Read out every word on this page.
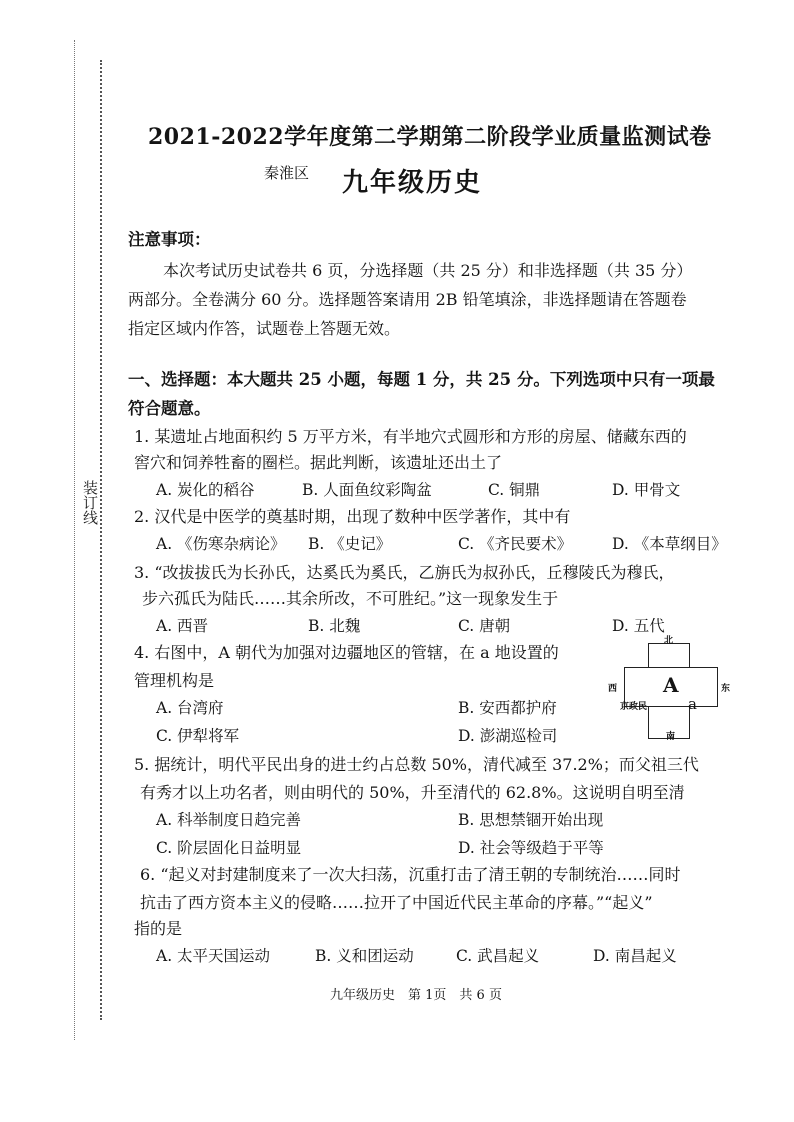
装订线
2021-2022学年度第二学期第二阶段学业质量监测试卷
秦淮区 九年级历史
注意事项：
本次考试历史试卷共 6 页，分选择题（共 25 分）和非选择题（共 35 分）
两部分。全卷满分 60 分。选择题答案请用 2B 铅笔填涂，非选择题请在答题卷
指定区域内作答，试题卷上答题无效。
一、选择题：本大题共 25 小题，每题 1 分，共 25 分。下列选项中只有一项最
符合题意。
1. 某遗址占地面积约 5 万平方米，有半地穴式圆形和方形的房屋、储藏东西的
窖穴和饲养牲畜的圈栏。据此判断，该遗址还出土了
A. 炭化的稻谷	B. 人面鱼纹彩陶盆	C. 铜鼎	D. 甲骨文
2. 汉代是中医学的奠基时期，出现了数种中医学著作，其中有
A. 《伤寒杂病论》 B. 《史记》	C. 《齐民要术》	D. 《本草纲目》
3. “改拔拔氏为长孙氏，达奚氏为奚氏，乙旃氏为叔孙氏，丘穆陵氏为穆氏，
步六孤氏为陆氏……其余所改，不可胜纪。”这一现象发生于
A. 西晋	B. 北魏	C. 唐朝	D. 五代
4. 右图中，A 朝代为加强对边疆地区的管辖，在 a 地设置的
管理机构是
A. 台湾府	B. 安西都护府
C. 伊犁将军	D. 澎湖巡检司
北
南
西	东
京政民
A
a
5. 据统计，明代平民出身的进士约占总数 50%，清代减至 37.2%；而父祖三代
有秀才以上功名者，则由明代的 50%，升至清代的 62.8%。这说明自明至清
A. 科举制度日趋完善	B. 思想禁锢开始出现
C. 阶层固化日益明显	D. 社会等级趋于平等
6. “起义对封建制度来了一次大扫荡，沉重打击了清王朝的专制统治……同时
抗击了西方资本主义的侵略……拉开了中国近代民主革命的序幕。”“起义”
指的是
A. 太平天国运动	B. 义和团运动	C. 武昌起义	D. 南昌起义
九年级历史　第 1页　共 6 页
